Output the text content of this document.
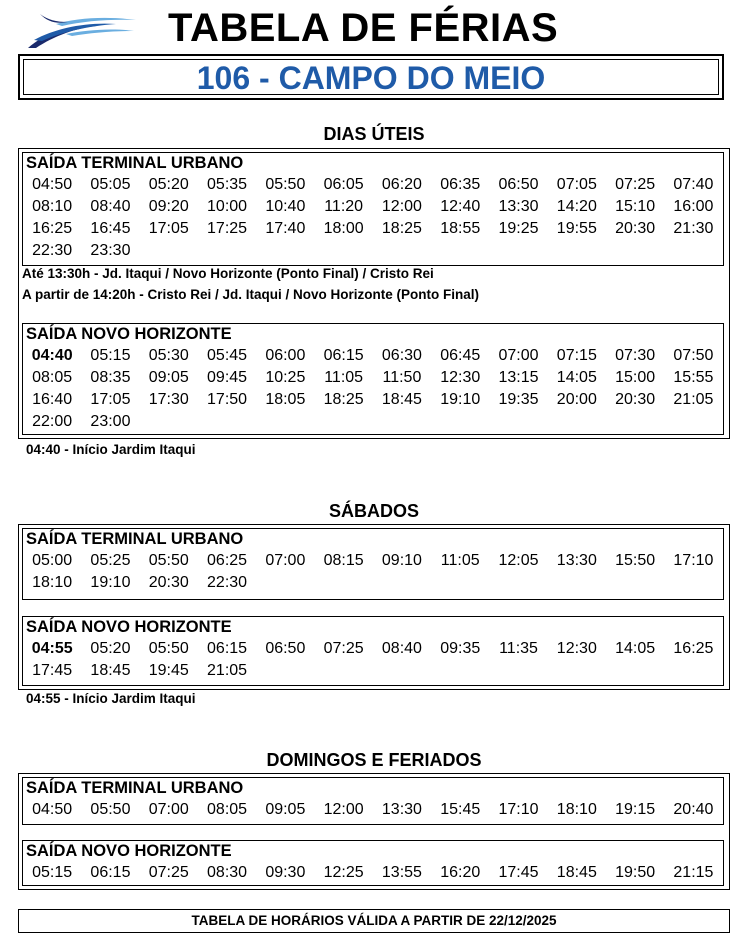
TABELA DE FÉRIAS
106 - CAMPO DO MEIO
DIAS ÚTEIS
SAÍDA TERMINAL URBANO
04:50	05:05	05:20	05:35	05:50	06:05	06:20	06:35	06:50	07:05	07:25	07:40
08:10	08:40	09:20	10:00	10:40	11:20	12:00	12:40	13:30	14:20	15:10	16:00
16:25	16:45	17:05	17:25	17:40	18:00	18:25	18:55	19:25	19:55	20:30	21:30
22:30	23:30
Até 13:30h - Jd. Itaqui / Novo Horizonte (Ponto Final) / Cristo Rei
A partir de 14:20h - Cristo Rei / Jd. Itaqui / Novo Horizonte (Ponto Final)
SAÍDA NOVO HORIZONTE
04:40	05:15	05:30	05:45	06:00	06:15	06:30	06:45	07:00	07:15	07:30	07:50
08:05	08:35	09:05	09:45	10:25	11:05	11:50	12:30	13:15	14:05	15:00	15:55
16:40	17:05	17:30	17:50	18:05	18:25	18:45	19:10	19:35	20:00	20:30	21:05
22:00	23:00
04:40 - Início Jardim Itaqui
SÁBADOS
SAÍDA TERMINAL URBANO
05:00	05:25	05:50	06:25	07:00	08:15	09:10	11:05	12:05	13:30	15:50	17:10
18:10	19:10	20:30	22:30
SAÍDA NOVO HORIZONTE
04:55	05:20	05:50	06:15	06:50	07:25	08:40	09:35	11:35	12:30	14:05	16:25
17:45	18:45	19:45	21:05
04:55 - Início Jardim Itaqui
DOMINGOS E FERIADOS
SAÍDA TERMINAL URBANO
04:50	05:50	07:00	08:05	09:05	12:00	13:30	15:45	17:10	18:10	19:15	20:40
SAÍDA NOVO HORIZONTE
05:15	06:15	07:25	08:30	09:30	12:25	13:55	16:20	17:45	18:45	19:50	21:15
TABELA DE HORÁRIOS VÁLIDA A PARTIR DE 22/12/2025
